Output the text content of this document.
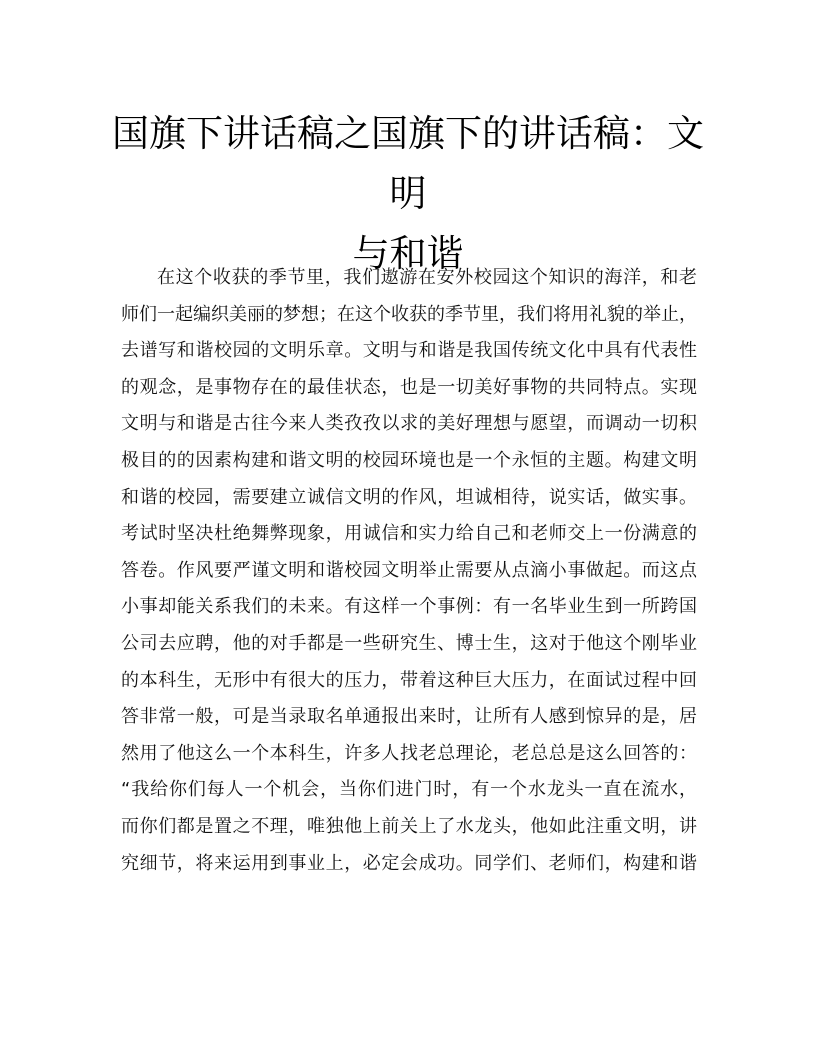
国旗下讲话稿之国旗下的讲话稿：文明
与和谐
在这个收获的季节里，我们遨游在安外校园这个知识的海洋，和老
师们一起编织美丽的梦想；在这个收获的季节里，我们将用礼貌的举止，
去谱写和谐校园的文明乐章。文明与和谐是我国传统文化中具有代表性
的观念，是事物存在的最佳状态，也是一切美好事物的共同特点。实现
文明与和谐是古往今来人类孜孜以求的美好理想与愿望，而调动一切积
极目的的因素构建和谐文明的校园环境也是一个永恒的主题。构建文明
和谐的校园，需要建立诚信文明的作风，坦诚相待，说实话，做实事。
考试时坚决杜绝舞弊现象，用诚信和实力给自己和老师交上一份满意的
答卷。作风要严谨文明和谐校园文明举止需要从点滴小事做起。而这点
小事却能关系我们的未来。有这样一个事例：有一名毕业生到一所跨国
公司去应聘，他的对手都是一些研究生、博士生，这对于他这个刚毕业
的本科生，无形中有很大的压力，带着这种巨大压力，在面试过程中回
答非常一般，可是当录取名单通报出来时，让所有人感到惊异的是，居
然用了他这么一个本科生，许多人找老总理论，老总总是这么回答的：
“我给你们每人一个机会，当你们进门时，有一个水龙头一直在流水，
而你们都是置之不理，唯独他上前关上了水龙头，他如此注重文明，讲
究细节，将来运用到事业上，必定会成功。同学们、老师们，构建和谐
